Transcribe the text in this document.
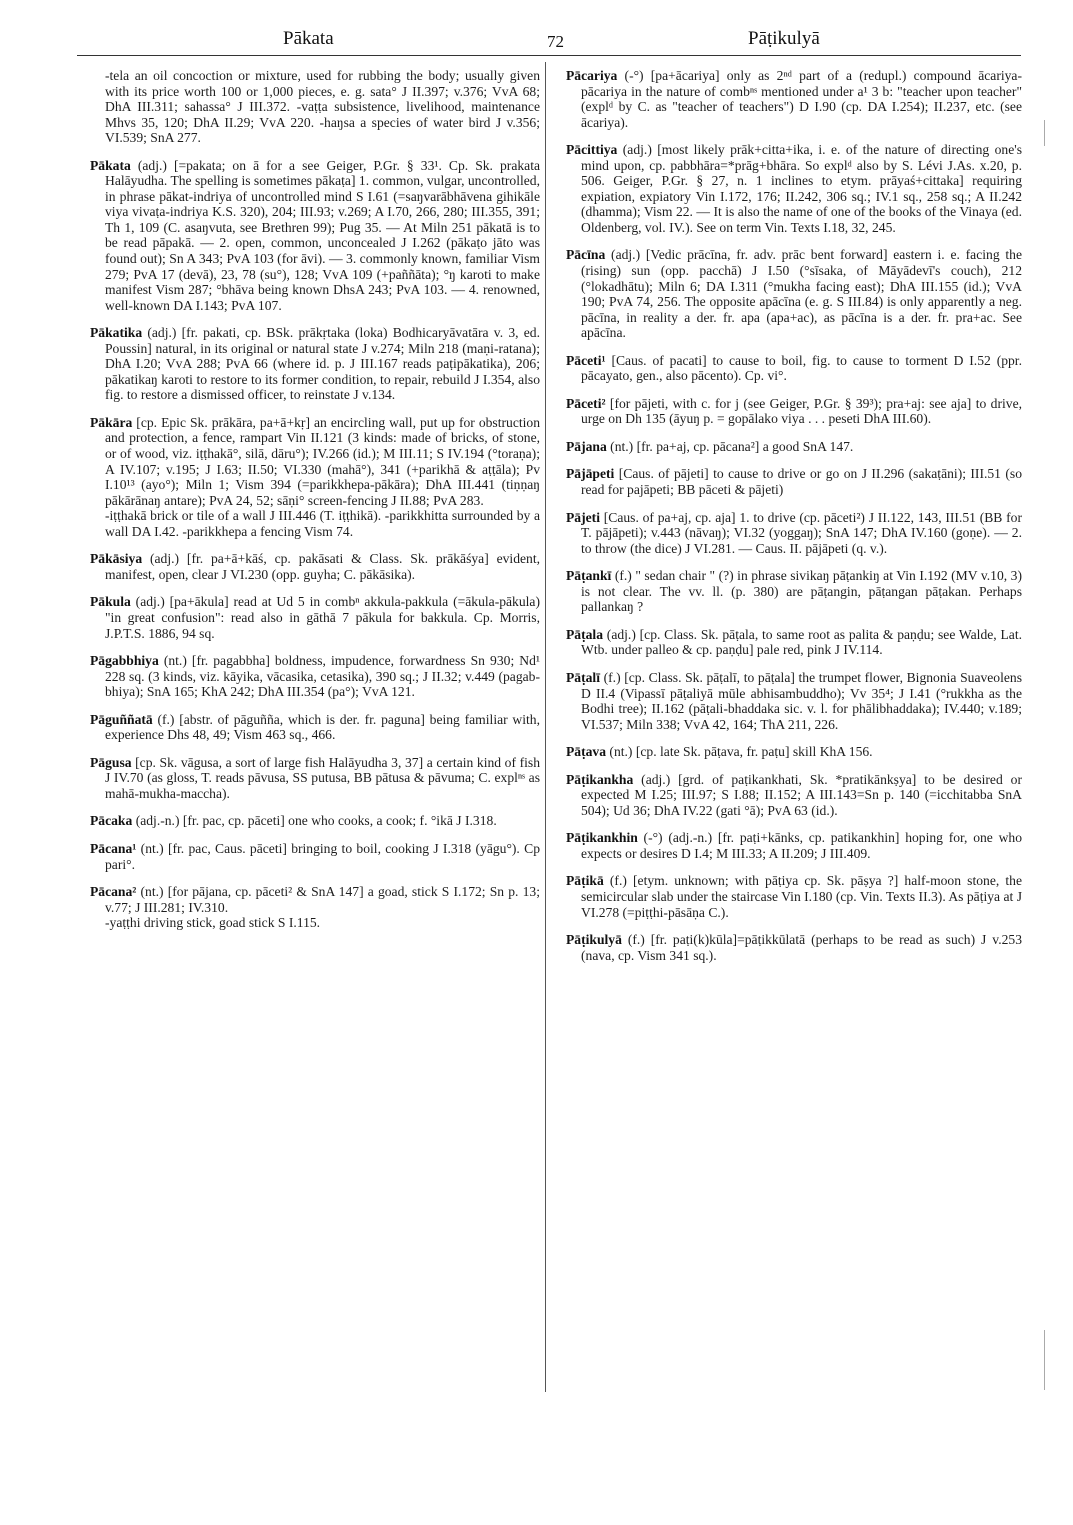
Pākata	72	Pāṭikulyā

-tela an oil concoction or mixture, used for rubbing the body; usually given with its price worth 100 or 1,000 pieces, e. g. sata° J II.397; v.376; VvA 68; DhA III.311; sahassa° J III.372. -vaṭṭa subsistence, livelihood, maintenance Mhvs 35, 120; DhA II.29; VvA 220. -haŋsa a species of water bird J v.356; VI.539; SnA 277.

Pākata (adj.) [=pakata; on ā for a see Geiger, P.Gr. § 33¹. Cp. Sk. prakata Halāyudha. The spelling is sometimes pākaṭa] 1. common, vulgar, uncontrolled, in phrase pākat-indriya of uncontrolled mind S I.61 (=saŋvarābhāvena gihikāle viya vivaṭa-indriya K.S. 320), 204; III.93; v.269; A I.70, 266, 280; III.355, 391; Th 1, 109 (C. asaŋvuta, see Brethren 99); Pug 35. — At Miln 251 pākatā is to be read pāpakā. — 2. open, common, unconcealed J I.262 (pākaṭo jāto was found out); Sn A 343; PvA 103 (for āvi). — 3. commonly known, familiar Vism 279; PvA 17 (devā), 23, 78 (su°), 128; VvA 109 (+paññāta); °ŋ karoti to make manifest Vism 287; °bhāva being known DhsA 243; PvA 103. — 4. renowned, well-known DA I.143; PvA 107.

Pākatika (adj.) [fr. pakati, cp. BSk. prākṛtaka (loka) Bodhicaryāvatāra v. 3, ed. Poussin] natural, in its original or natural state J v.274; Miln 218 (maṇi-ratana); DhA I.20; VvA 288; PvA 66 (where id. p. J III.167 reads paṭipākatika), 206; pākatikaŋ karoti to restore to its former condition, to repair, rebuild J I.354, also fig. to restore a dismissed officer, to reinstate J v.134.

Pākāra [cp. Epic Sk. prākāra, pa+ā+kṛ] an encircling wall, put up for obstruction and protection, a fence, rampart Vin II.121 (3 kinds: made of bricks, of stone, or of wood, viz. iṭṭhakā°, silā, dāru°); IV.266 (id.); M III.11; S IV.194 (°toraṇa); A IV.107; v.195; J I.63; II.50; VI.330 (mahā°), 341 (+parikhā & aṭṭāla); Pv I.10¹³ (ayo°); Miln 1; Vism 394 (=parikkhepa-pākāra); DhA III.441 (tiṇṇaŋ pākārānaŋ antare); PvA 24, 52; sāṇi° screen-fencing J II.88; PvA 283.
-iṭṭhakā brick or tile of a wall J III.446 (T. iṭṭhikā). -parikkhitta surrounded by a wall DA I.42. -parikkhepa a fencing Vism 74.

Pākāsiya (adj.) [fr. pa+ā+kāś, cp. pakāsati & Class. Sk. prākāśya] evident, manifest, open, clear J VI.230 (opp. guyha; C. pākāsika).

Pākula (adj.) [pa+ākula] read at Ud 5 in combⁿ akkula-pakkula (=ākula-pākula) "in great confusion": read also in gāthā 7 pākula for bakkula. Cp. Morris, J.P.T.S. 1886, 94 sq.

Pāgabbhiya (nt.) [fr. pagabbha] boldness, impudence, forwardness Sn 930; Nd¹ 228 sq. (3 kinds, viz. kāyika, vācasika, cetasika), 390 sq.; J II.32; v.449 (pagab-bhiya); SnA 165; KhA 242; DhA III.354 (pa°); VvA 121.

Pāguññatā (f.) [abstr. of pāguñña, which is der. fr. paguna] being familiar with, experience Dhs 48, 49; Vism 463 sq., 466.

Pāgusa [cp. Sk. vāgusa, a sort of large fish Halāyudha 3, 37] a certain kind of fish J IV.70 (as gloss, T. reads pāvusa, SS putusa, BB pātusa & pāvuma; C. explⁿˢ as mahā-mukha-maccha).

Pācaka (adj.-n.) [fr. pac, cp. pāceti] one who cooks, a cook; f. °ikā J I.318.

Pācana¹ (nt.) [fr. pac, Caus. pāceti] bringing to boil, cooking J I.318 (yāgu°). Cp pari°.

Pācana² (nt.) [for pājana, cp. pāceti² & SnA 147] a goad, stick S I.172; Sn p. 13; v.77; J III.281; IV.310.
-yaṭṭhi driving stick, goad stick S I.115.

Pācariya (-°) [pa+ācariya] only as 2ⁿᵈ part of a (redupl.) compound ācariya-pācariya in the nature of combⁿˢ mentioned under a¹ 3 b: "teacher upon teacher" (explᵈ by C. as "teacher of teachers") D I.90 (cp. DA I.254); II.237, etc. (see ācariya).

Pācittiya (adj.) [most likely prāk+citta+ika, i. e. of the nature of directing one's mind upon, cp. pabbhāra=*prāg+bhāra. So explᵈ also by S. Lévi J.As. x.20, p. 506. Geiger, P.Gr. § 27, n. 1 inclines to etym. prāyaś+cittaka] requiring expiation, expiatory Vin I.172, 176; II.242, 306 sq.; IV.1 sq., 258 sq.; A II.242 (dhamma); Vism 22. — It is also the name of one of the books of the Vinaya (ed. Oldenberg, vol. IV.). See on term Vin. Texts I.18, 32, 245.

Pācīna (adj.) [Vedic prācīna, fr. adv. prāc bent forward] eastern i. e. facing the (rising) sun (opp. pacchā) J I.50 (°sīsaka, of Māyādevī's couch), 212 (°lokadhātu); Miln 6; DA I.311 (°mukha facing east); DhA III.155 (id.); VvA 190; PvA 74, 256. The opposite apācīna (e. g. S III.84) is only apparently a neg. pācīna, in reality a der. fr. apa (apa+ac), as pācīna is a der. fr. pra+ac. See apācīna.

Pāceti¹ [Caus. of pacati] to cause to boil, fig. to cause to torment D I.52 (ppr. pācayato, gen., also pācento). Cp. vi°.

Pāceti² [for pājeti, with c. for j (see Geiger, P.Gr. § 39³); pra+aj: see aja] to drive, urge on Dh 135 (āyuŋ p. = gopālako viya . . . peseti DhA III.60).

Pājana (nt.) [fr. pa+aj, cp. pācana²] a good SnA 147.

Pājāpeti [Caus. of pājeti] to cause to drive or go on J II.296 (sakaṭāni); III.51 (so read for pajāpeti; BB pāceti & pājeti)

Pājeti [Caus. of pa+aj, cp. aja] 1. to drive (cp. pāceti²) J II.122, 143, III.51 (BB for T. pājāpeti); v.443 (nāvaŋ); VI.32 (yoggaŋ); SnA 147; DhA IV.160 (goṇe). — 2. to throw (the dice) J VI.281. — Caus. II. pājāpeti (q. v.).

Pāṭankī (f.) " sedan chair " (?) in phrase sivikaŋ pāṭankiŋ at Vin I.192 (MV v.10, 3) is not clear. The vv. ll. (p. 380) are pāṭangin, pāṭangan pāṭakan. Perhaps pallankaŋ ?

Pāṭala (adj.) [cp. Class. Sk. pāṭala, to same root as palita & paṇḍu; see Walde, Lat. Wtb. under palleo & cp. paṇḍu] pale red, pink J IV.114.

Pāṭalī (f.) [cp. Class. Sk. pāṭalī, to pāṭala] the trumpet flower, Bignonia Suaveolens D II.4 (Vipassī pāṭaliyā mūle abhisambuddho); Vv 35⁴; J I.41 (°rukkha as the Bodhi tree); II.162 (pāṭali-bhaddaka sic. v. l. for phālibhaddaka); IV.440; v.189; VI.537; Miln 338; VvA 42, 164; ThA 211, 226.

Pāṭava (nt.) [cp. late Sk. pāṭava, fr. paṭu] skill KhA 156.

Pāṭikankha (adj.) [grd. of paṭikankhati, Sk. *pratikānkṣya] to be desired or expected M I.25; III.97; S I.88; II.152; A III.143=Sn p. 140 (=icchitabba SnA 504); Ud 36; DhA IV.22 (gati °ā); PvA 63 (id.).

Pāṭikankhin (-°) (adj.-n.) [fr. paṭi+kānks, cp. patikankhin] hoping for, one who expects or desires D I.4; M III.33; A II.209; J III.409.

Pāṭikā (f.) [etym. unknown; with pāṭiya cp. Sk. pāṣya ?] half-moon stone, the semicircular slab under the staircase Vin I.180 (cp. Vin. Texts II.3). As pāṭiya at J VI.278 (=piṭṭhi-pāsāṇa C.).

Pāṭikulyā (f.) [fr. paṭi(k)kūla]=pāṭikkūlatā (perhaps to be read as such) J v.253 (nava, cp. Vism 341 sq.).
